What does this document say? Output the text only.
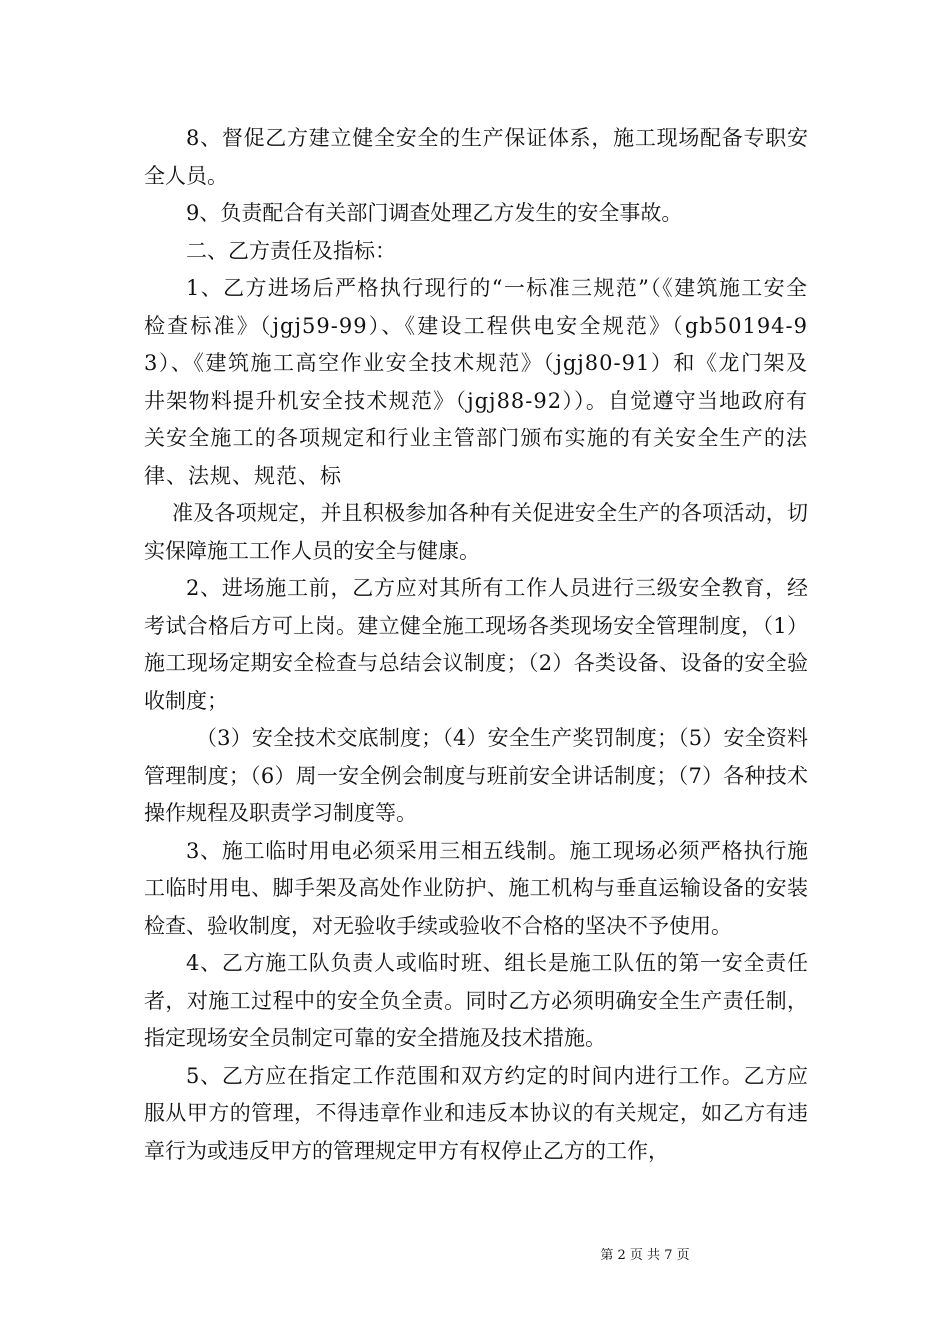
8、督促乙方建立健全安全的生产保证体系，施工现场配备专职安全人员。

9、负责配合有关部门调查处理乙方发生的安全事故。

二、乙方责任及指标：

1、乙方进场后严格执行现行的“一标准三规范”（《建筑施工安全检查标准》（jgj59-99）、《建设工程供电安全规范》（gb50194-93）、《建筑施工高空作业安全技术规范》（jgj80-91）和《龙门架及井架物料提升机安全技术规范》（jgj88-92））。自觉遵守当地政府有关安全施工的各项规定和行业主管部门颁布实施的有关安全生产的法律、法规、规范、标

准及各项规定，并且积极参加各种有关促进安全生产的各项活动，切实保障施工工作人员的安全与健康。

2、进场施工前，乙方应对其所有工作人员进行三级安全教育，经考试合格后方可上岗。建立健全施工现场各类现场安全管理制度，（1）施工现场定期安全检查与总结会议制度；（2）各类设备、设备的安全验收制度；

（3）安全技术交底制度；（4）安全生产奖罚制度；（5）安全资料管理制度；（6）周一安全例会制度与班前安全讲话制度；（7）各种技术操作规程及职责学习制度等。

3、施工临时用电必须采用三相五线制。施工现场必须严格执行施工临时用电、脚手架及高处作业防护、施工机构与垂直运输设备的安装检查、验收制度，对无验收手续或验收不合格的坚决不予使用。

4、乙方施工队负责人或临时班、组长是施工队伍的第一安全责任者，对施工过程中的安全负全责。同时乙方必须明确安全生产责任制，指定现场安全员制定可靠的安全措施及技术措施。

5、乙方应在指定工作范围和双方约定的时间内进行工作。乙方应服从甲方的管理，不得违章作业和违反本协议的有关规定，如乙方有违章行为或违反甲方的管理规定甲方有权停止乙方的工作，

第 2 页 共 7 页
